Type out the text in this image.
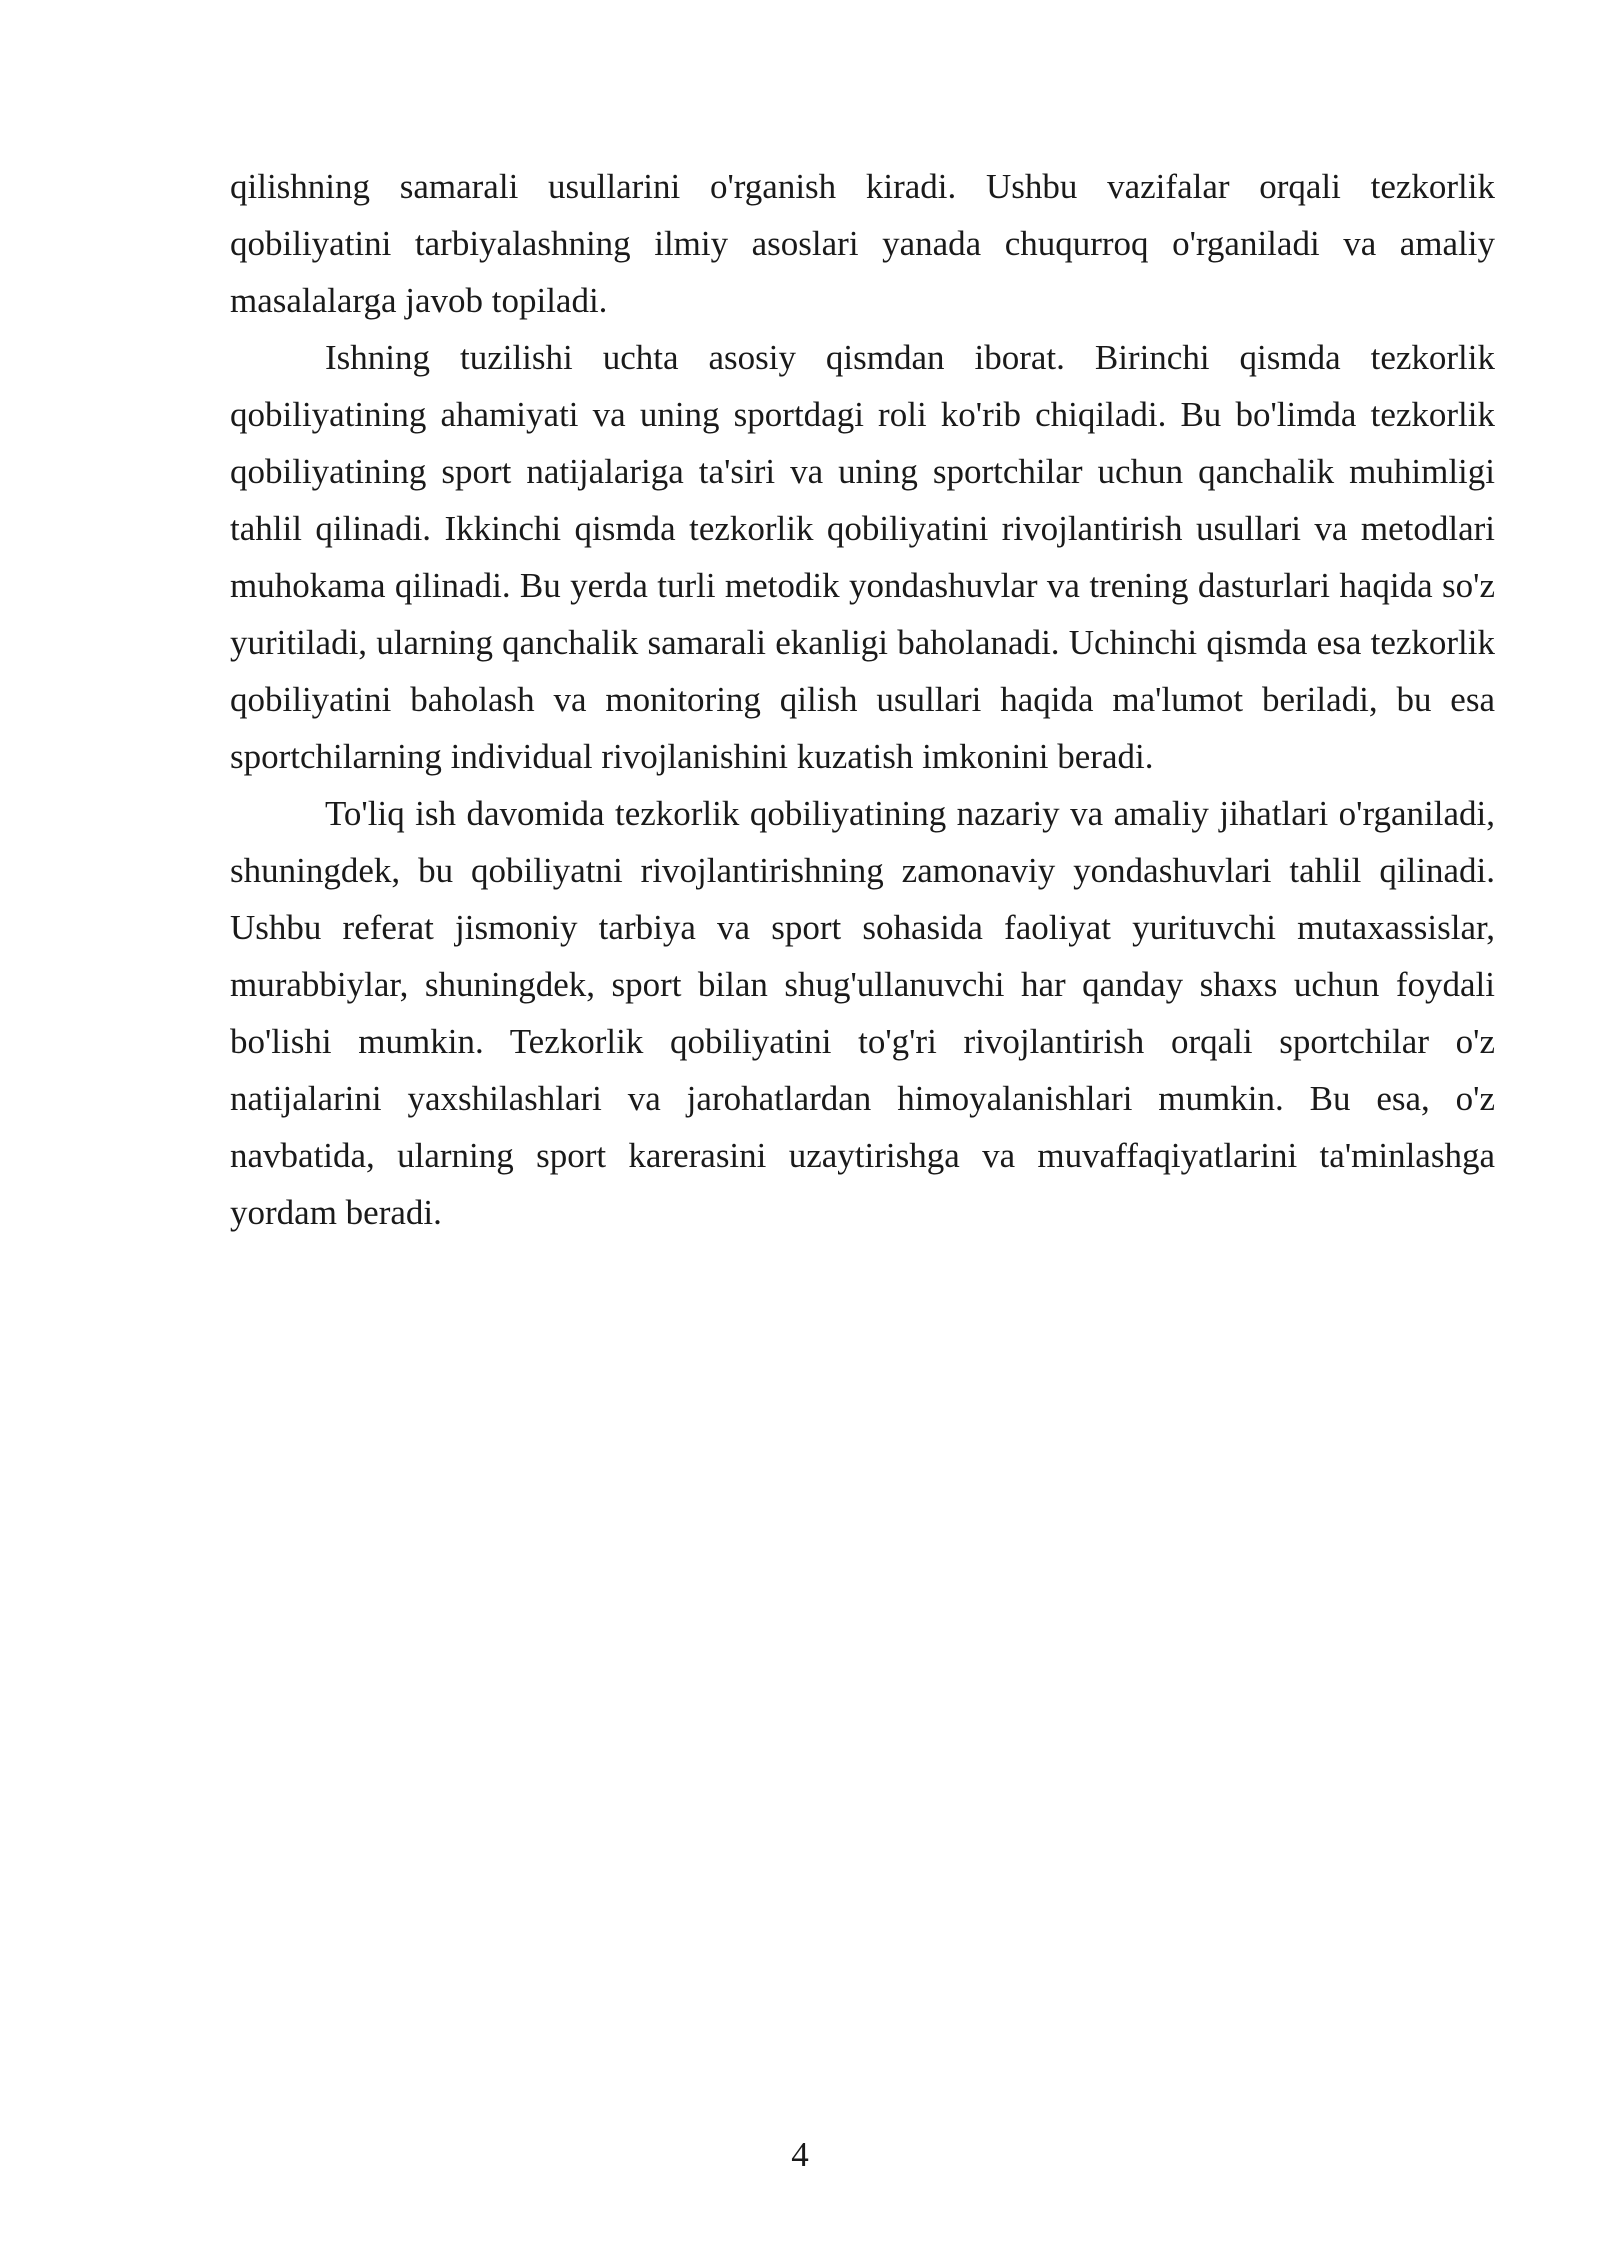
qilishning samarali usullarini o'rganish kiradi. Ushbu vazifalar orqali tezkorlik qobiliyatini tarbiyalashning ilmiy asoslari yanada chuqurroq o'rganiladi va amaliy masalalarga javob topiladi.

Ishning tuzilishi uchta asosiy qismdan iborat. Birinchi qismda tezkorlik qobiliyatining ahamiyati va uning sportdagi roli ko'rib chiqiladi. Bu bo'limda tezkorlik qobiliyatining sport natijalariga ta'siri va uning sportchilar uchun qanchalik muhimligi tahlil qilinadi. Ikkinchi qismda tezkorlik qobiliyatini rivojlantirish usullari va metodlari muhokama qilinadi. Bu yerda turli metodik yondashuvlar va trening dasturlari haqida so'z yuritiladi, ularning qanchalik samarali ekanligi baholanadi. Uchinchi qismda esa tezkorlik qobiliyatini baholash va monitoring qilish usullari haqida ma'lumot beriladi, bu esa sportchilarning individual rivojlanishini kuzatish imkonini beradi.

To'liq ish davomida tezkorlik qobiliyatining nazariy va amaliy jihatlari o'rganiladi, shuningdek, bu qobiliyatni rivojlantirishning zamonaviy yondashuvlari tahlil qilinadi. Ushbu referat jismoniy tarbiya va sport sohasida faoliyat yurituvchi mutaxassislar, murabbiylar, shuningdek, sport bilan shug'ullanuvchi har qanday shaxs uchun foydali bo'lishi mumkin. Tezkorlik qobiliyatini to'g'ri rivojlantirish orqali sportchilar o'z natijalarini yaxshilashlari va jarohatlardan himoyalanishlari mumkin. Bu esa, o'z navbatida, ularning sport karerasini uzaytirishga va muvaffaqiyatlarini ta'minlashga yordam beradi.

4
